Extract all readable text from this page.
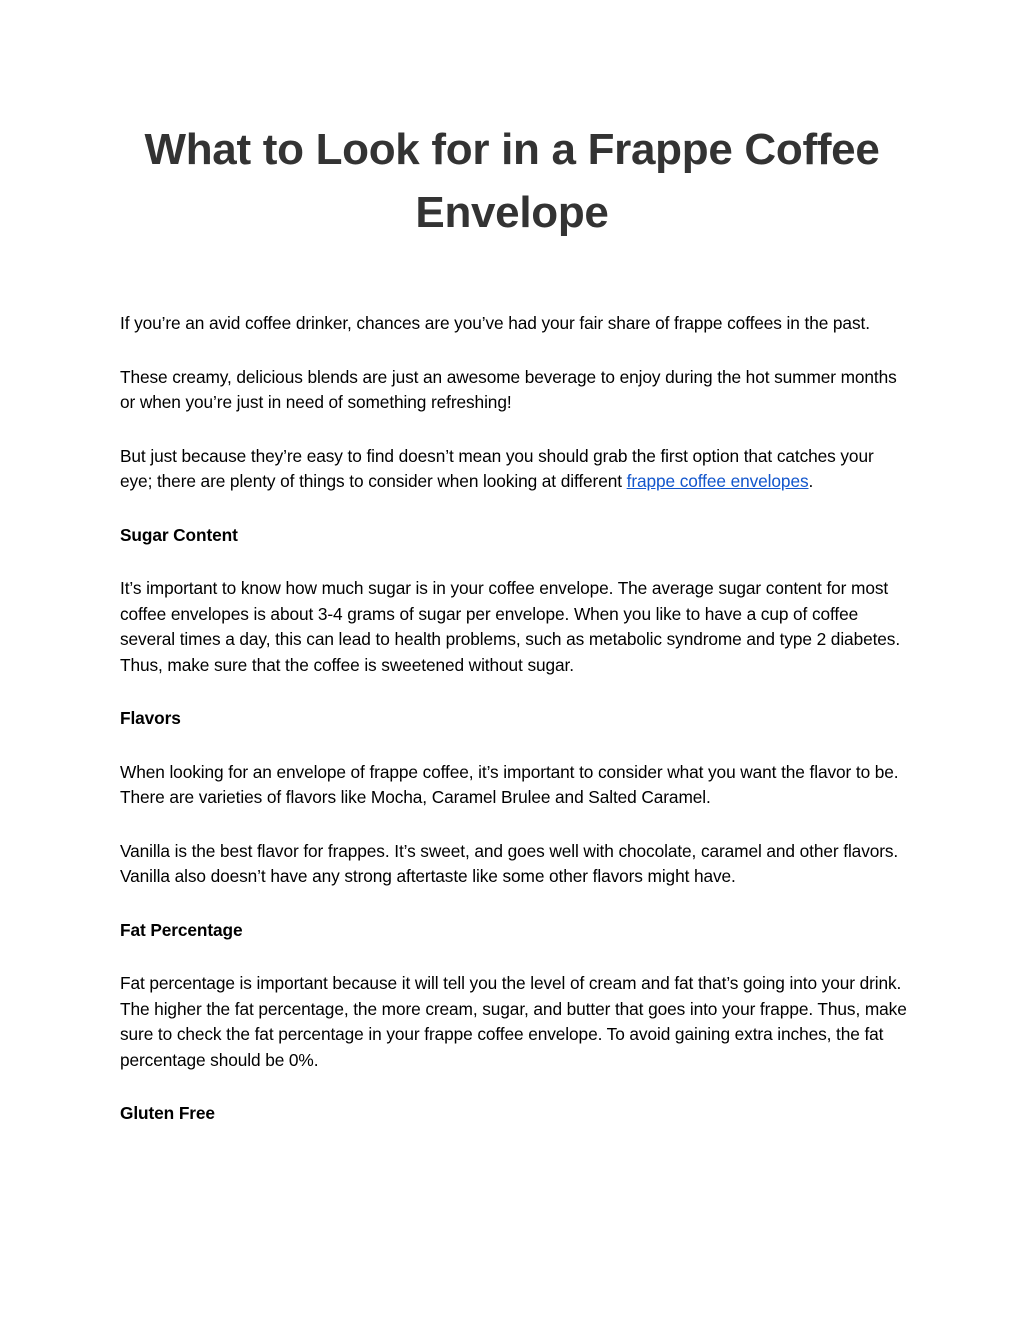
What to Look for in a Frappe Coffee Envelope

If you’re an avid coffee drinker, chances are you’ve had your fair share of frappe coffees in the past.

These creamy, delicious blends are just an awesome beverage to enjoy during the hot summer months or when you’re just in need of something refreshing!

But just because they’re easy to find doesn’t mean you should grab the first option that catches your eye; there are plenty of things to consider when looking at different frappe coffee envelopes.

Sugar Content

It’s important to know how much sugar is in your coffee envelope. The average sugar content for most coffee envelopes is about 3-4 grams of sugar per envelope. When you like to have a cup of coffee several times a day, this can lead to health problems, such as metabolic syndrome and type 2 diabetes. Thus, make sure that the coffee is sweetened without sugar.

Flavors

When looking for an envelope of frappe coffee, it’s important to consider what you want the flavor to be. There are varieties of flavors like Mocha, Caramel Brulee and Salted Caramel.

Vanilla is the best flavor for frappes. It’s sweet, and goes well with chocolate, caramel and other flavors. Vanilla also doesn’t have any strong aftertaste like some other flavors might have.

Fat Percentage

Fat percentage is important because it will tell you the level of cream and fat that’s going into your drink. The higher the fat percentage, the more cream, sugar, and butter that goes into your frappe. Thus, make sure to check the fat percentage in your frappe coffee envelope. To avoid gaining extra inches, the fat percentage should be 0%.

Gluten Free
